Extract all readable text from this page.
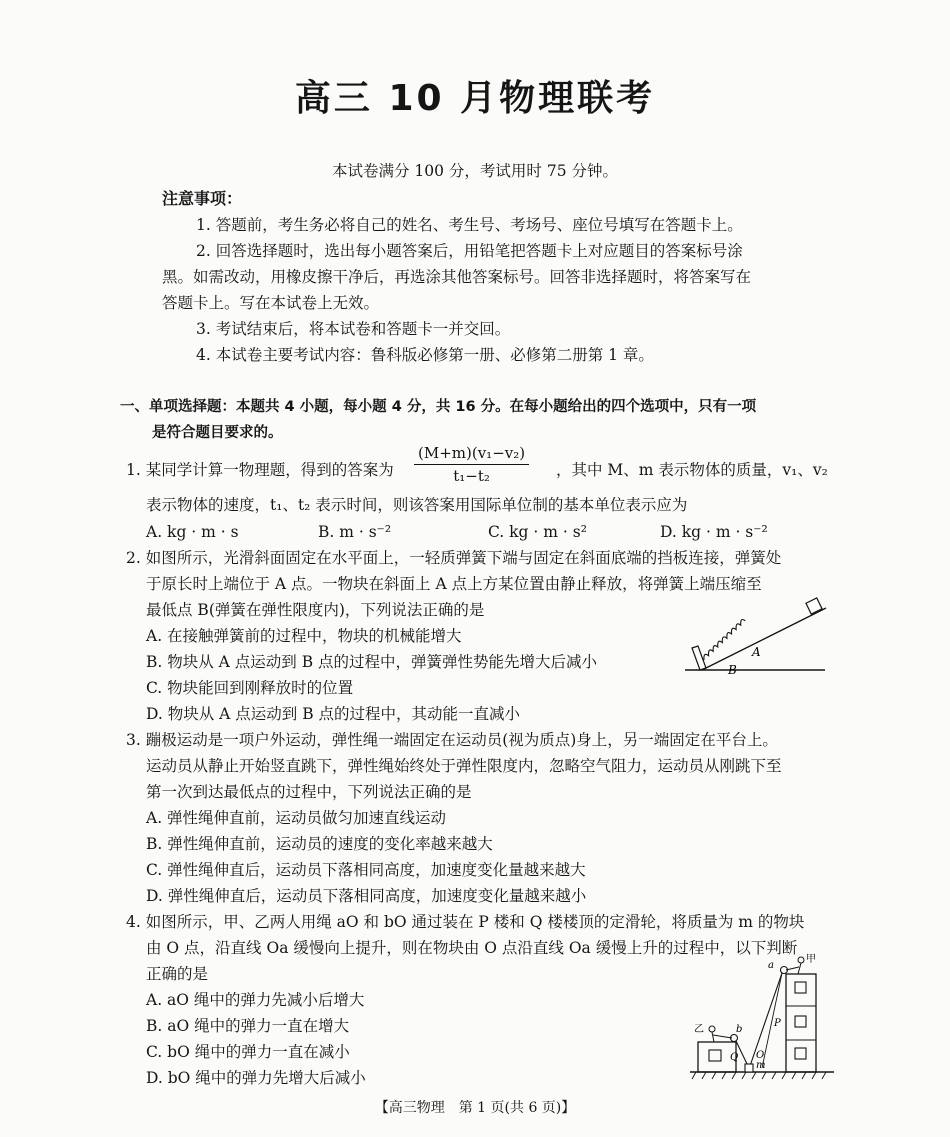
高三 10 月物理联考
本试卷满分 100 分，考试用时 75 分钟。
注意事项：
1. 答题前，考生务必将自己的姓名、考生号、考场号、座位号填写在答题卡上。
2. 回答选择题时，选出每小题答案后，用铅笔把答题卡上对应题目的答案标号涂
黑。如需改动，用橡皮擦干净后，再选涂其他答案标号。回答非选择题时，将答案写在
答题卡上。写在本试卷上无效。
3. 考试结束后，将本试卷和答题卡一并交回。
4. 本试卷主要考试内容：鲁科版必修第一册、必修第二册第 1 章。
一、单项选择题：本题共 4 小题，每小题 4 分，共 16 分。在每小题给出的四个选项中，只有一项
是符合题目要求的。
1. 某同学计算一物理题，得到的答案为 $\frac{\text{(M+m)(v₁−v₂)}}{\text{t₁−t₂}}$ ，其中 M、m 表示物体的质量，v₁、v₂
表示物体的速度，t₁、t₂ 表示时间，则该答案用国际单位制的基本单位表示应为
A. kg · m · s	B. m · s⁻²	C. kg · m · s²	D. kg · m · s⁻²
2. 如图所示，光滑斜面固定在水平面上，一轻质弹簧下端与固定在斜面底端的挡板连接，弹簧处
于原长时上端位于 A 点。一物块在斜面上 A 点上方某位置由静止释放，将弹簧上端压缩至
最低点 B(弹簧在弹性限度内)，下列说法正确的是
A. 在接触弹簧前的过程中，物块的机械能增大
B. 物块从 A 点运动到 B 点的过程中，弹簧弹性势能先增大后减小
C. 物块能回到刚释放时的位置
D. 物块从 A 点运动到 B 点的过程中，其动能一直减小
A
B
3. 蹦极运动是一项户外运动，弹性绳一端固定在运动员(视为质点)身上，另一端固定在平台上。
运动员从静止开始竖直跳下，弹性绳始终处于弹性限度内，忽略空气阻力，运动员从刚跳下至
第一次到达最低点的过程中，下列说法正确的是
A. 弹性绳伸直前，运动员做匀加速直线运动
B. 弹性绳伸直前，运动员的速度的变化率越来越大
C. 弹性绳伸直后，运动员下落相同高度，加速度变化量越来越大
D. 弹性绳伸直后，运动员下落相同高度，加速度变化量越来越小
4. 如图所示，甲、乙两人用绳 aO 和 bO 通过装在 P 楼和 Q 楼楼顶的定滑轮，将质量为 m 的物块
由 O 点，沿直线 Oa 缓慢向上提升，则在物块由 O 点沿直线 Oa 缓慢上升的过程中，以下判断
正确的是
A. aO 绳中的弹力先减小后增大
B. aO 绳中的弹力一直在增大
C. bO 绳中的弹力一直在减小
D. bO 绳中的弹力先增大后减小
a
甲
乙	b
P
Q O
m
【高三物理　第 1 页(共 6 页)】
